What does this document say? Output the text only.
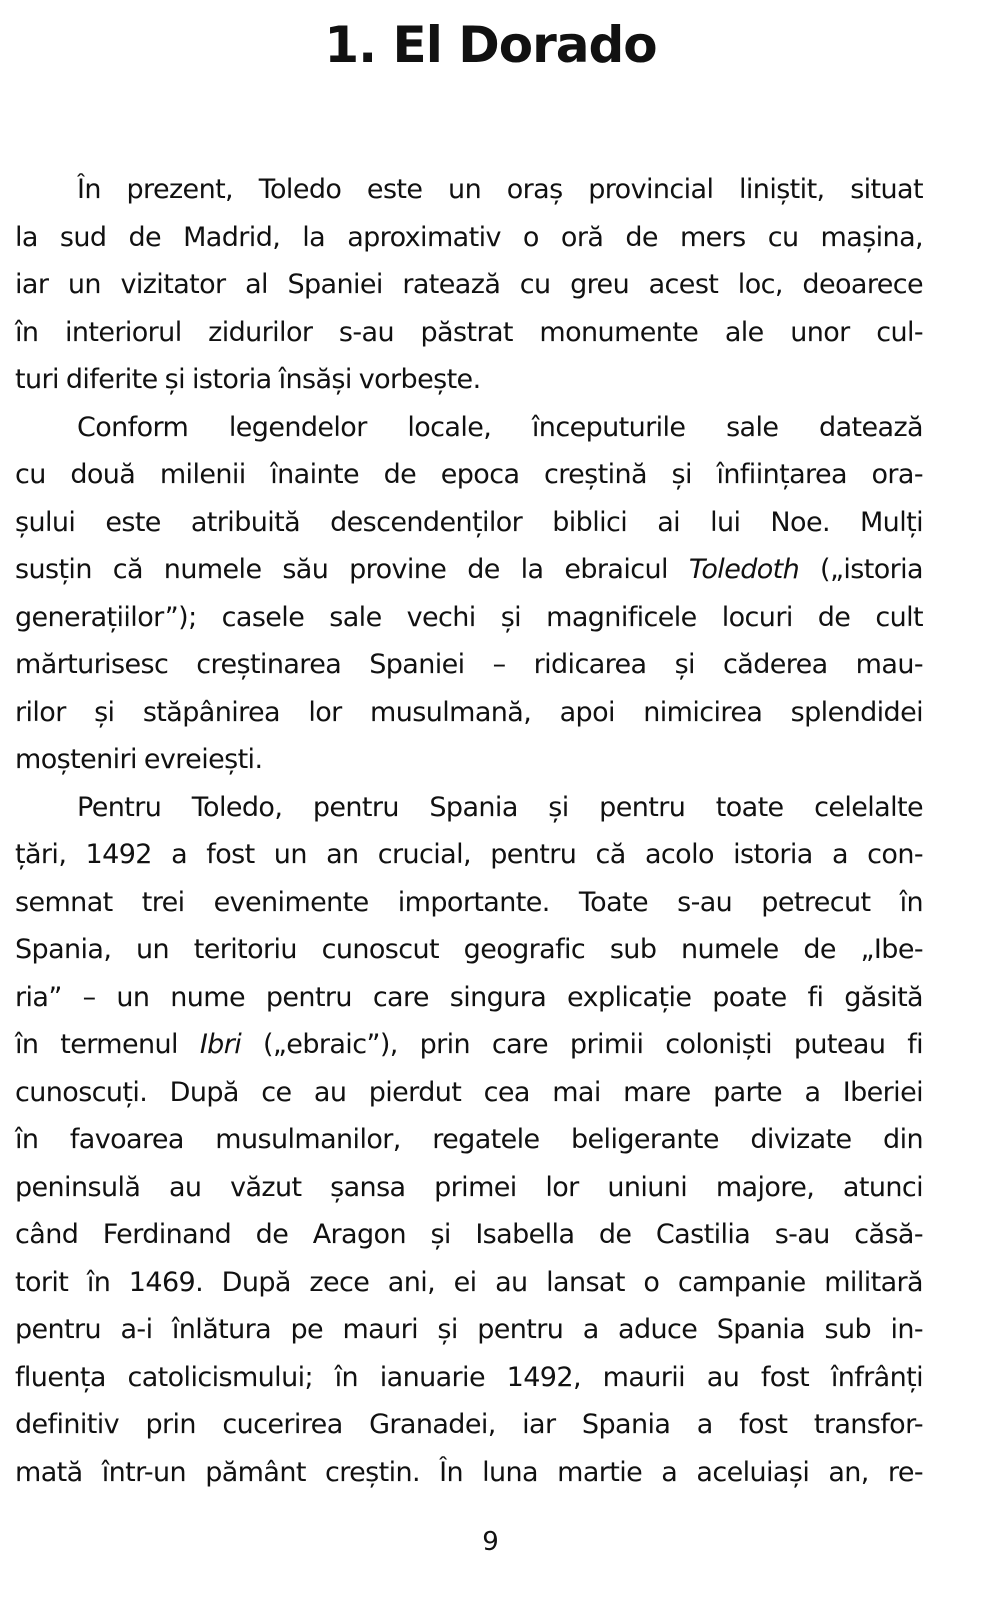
1. El Dorado
În prezent, Toledo este un oraș provincial liniștit, situat
la sud de Madrid, la aproximativ o oră de mers cu mașina,
iar un vizitator al Spaniei ratează cu greu acest loc, deoarece
în interiorul zidurilor s-au păstrat monumente ale unor cul-
turi diferite și istoria însăși vorbește.
Conform legendelor locale, începuturile sale datează
cu două milenii înainte de epoca creștină și înființarea ora-
șului este atribuită descendenților biblici ai lui Noe. Mulți
susțin că numele său provine de la ebraicul Toledoth („istoria
generațiilor”); casele sale vechi și magnificele locuri de cult
mărturisesc creștinarea Spaniei – ridicarea și căderea mau-
rilor și stăpânirea lor musulmană, apoi nimicirea splendidei
moșteniri evreiești.
Pentru Toledo, pentru Spania și pentru toate celelalte
țări, 1492 a fost un an crucial, pentru că acolo istoria a con-
semnat trei evenimente importante. Toate s-au petrecut în
Spania, un teritoriu cunoscut geografic sub numele de „Ibe-
ria” – un nume pentru care singura explicație poate fi găsită
în termenul Ibri („ebraic”), prin care primii coloniști puteau fi
cunoscuți. După ce au pierdut cea mai mare parte a Iberiei
în favoarea musulmanilor, regatele beligerante divizate din
peninsulă au văzut șansa primei lor uniuni majore, atunci
când Ferdinand de Aragon și Isabella de Castilia s-au căsă-
torit în 1469. După zece ani, ei au lansat o campanie militară
pentru a-i înlătura pe mauri și pentru a aduce Spania sub in-
fluența catolicismului; în ianuarie 1492, maurii au fost înfrânți
definitiv prin cucerirea Granadei, iar Spania a fost transfor-
mată într-un pământ creștin. În luna martie a aceluiași an, re-
9
